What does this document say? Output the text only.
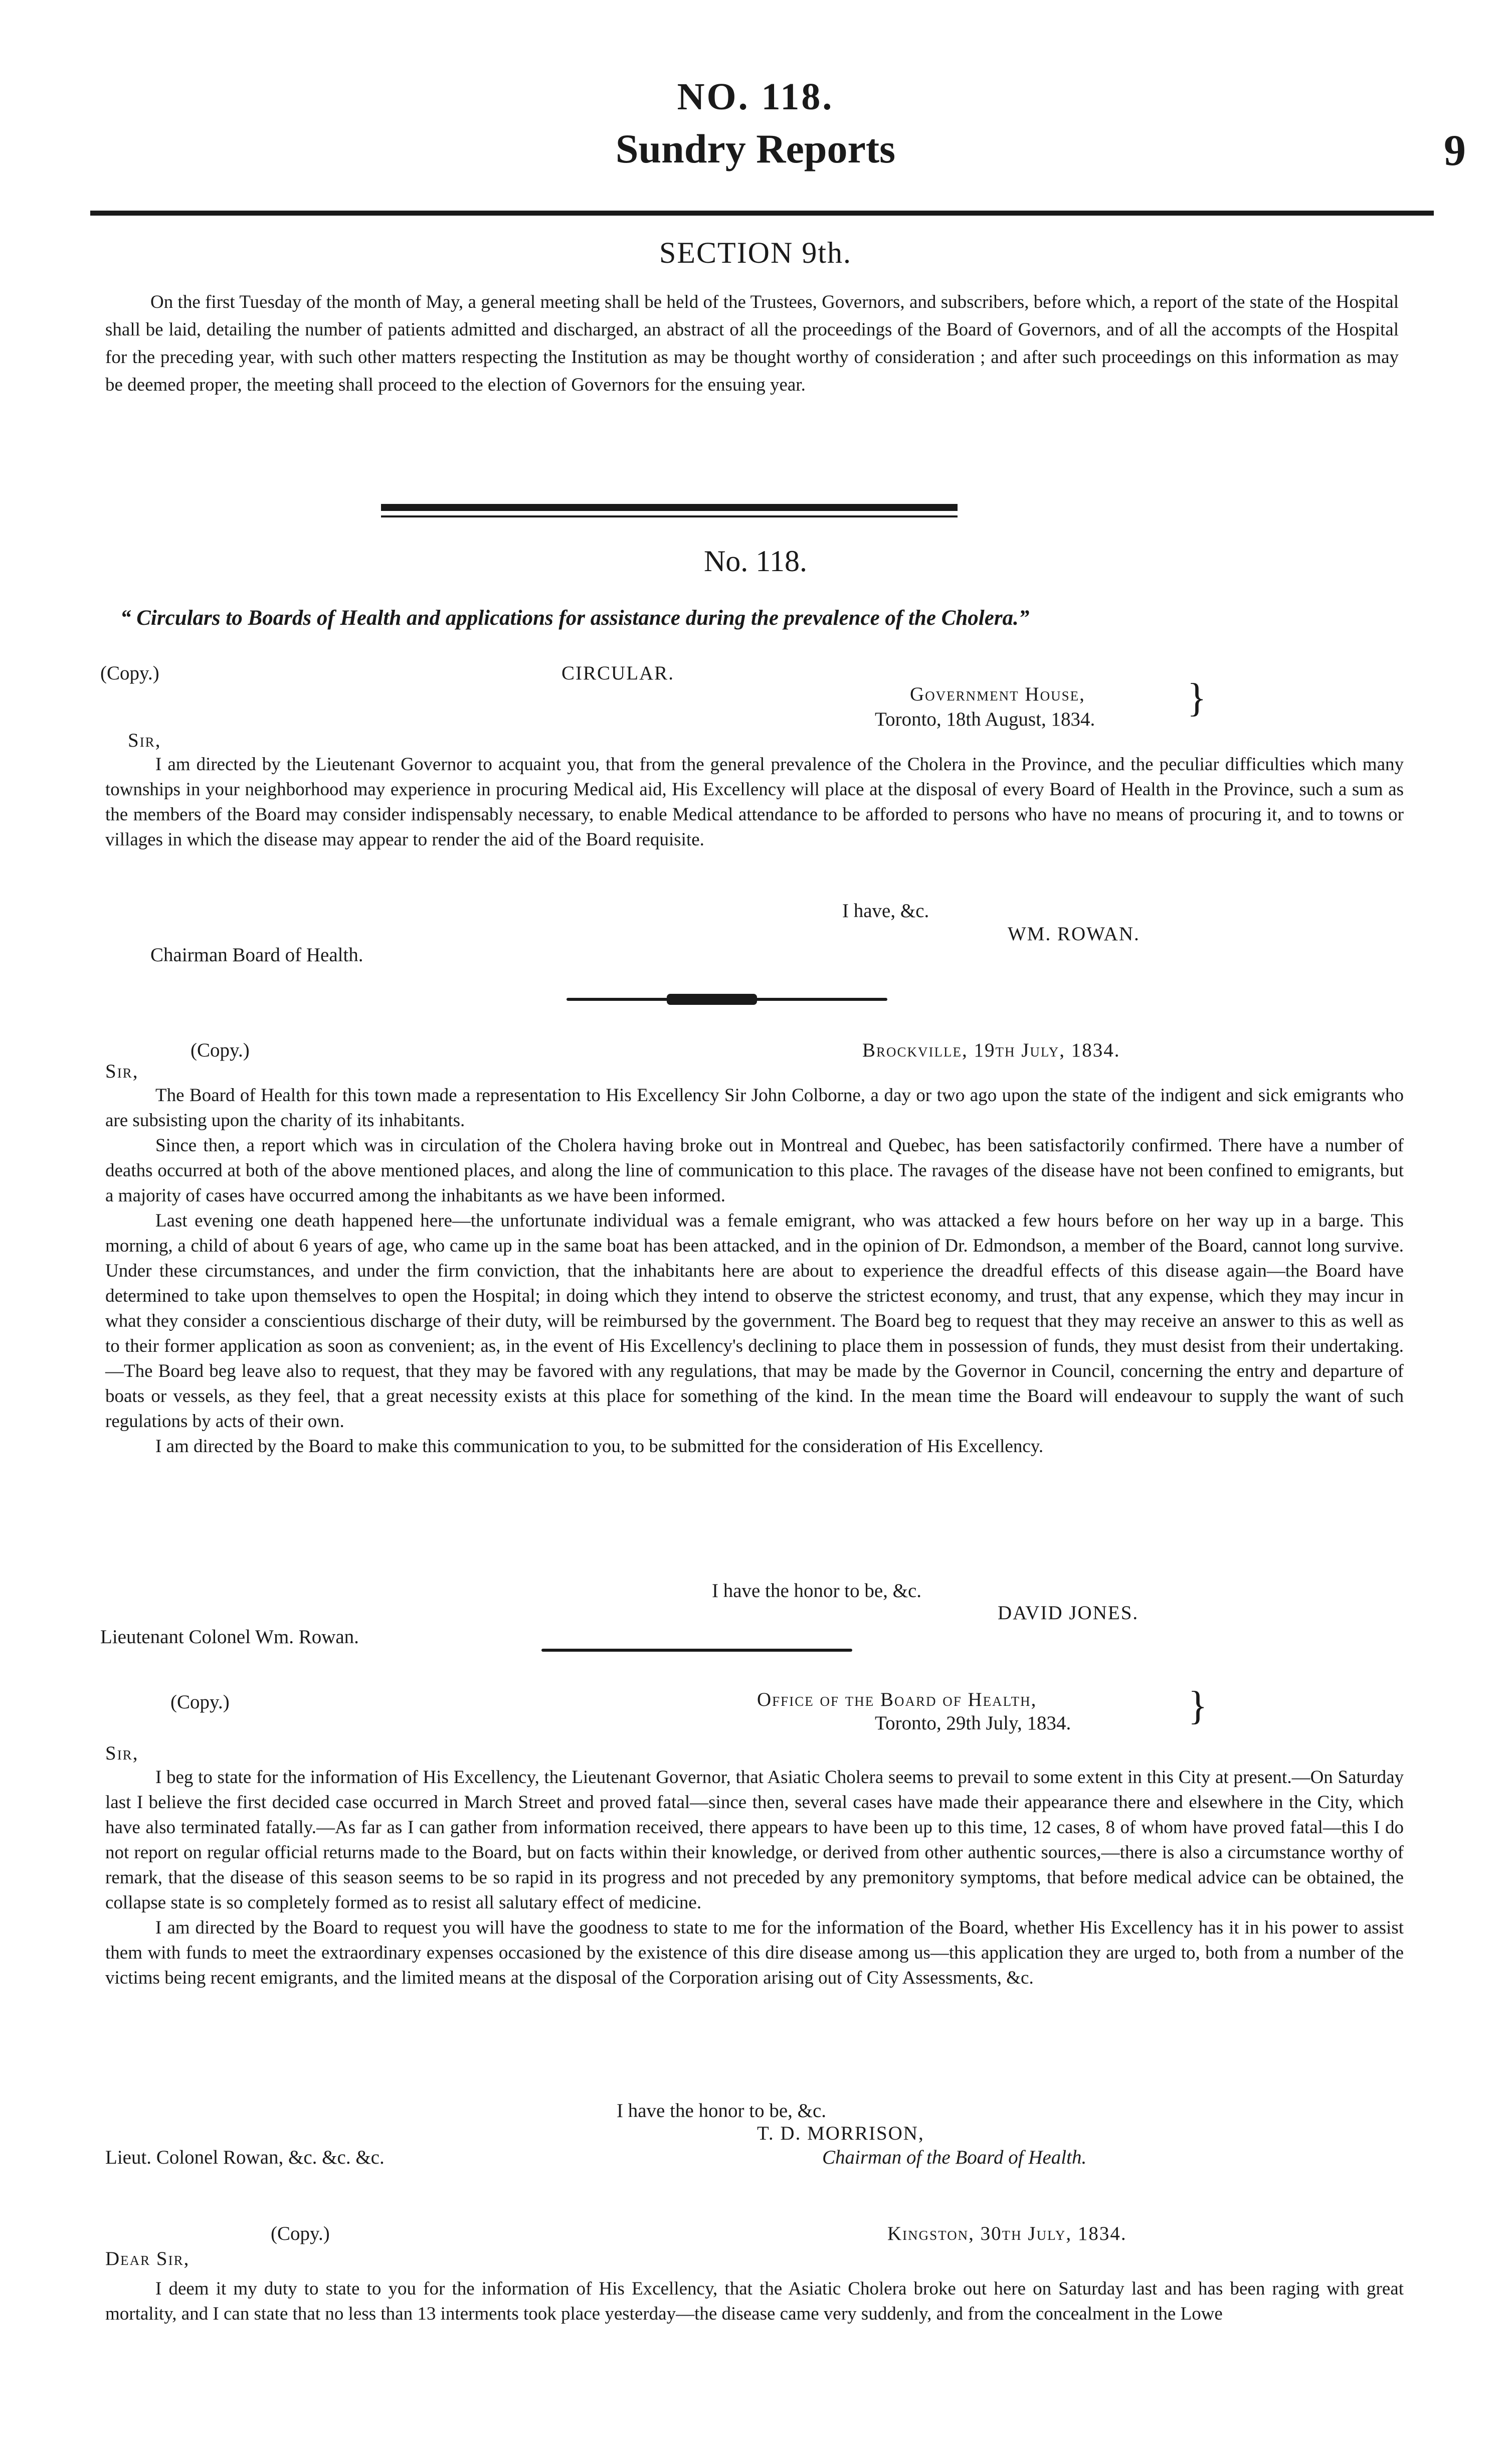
NO. 118.
Sundry Reports	9
SECTION 9th.

On the first Tuesday of the month of May, a general meeting shall be held of the Trustees, Governors, and subscribers, before which, a report of the state of the Hospital shall be laid, detailing the number of patients admitted and discharged, an abstract of all the proceedings of the Board of Governors, and of all the accompts of the Hospital for the preceding year, with such other matters respecting the Institution as may be thought worthy of consideration ; and after such proceedings on this information as may be deemed proper, the meeting shall proceed to the election of Governors for the ensuing year.

No. 118.
“ Circulars to Boards of Health and applications for assistance during the prevalence of the Cholera.”
(Copy.)	CIRCULAR.
Government House,
Toronto, 18th August, 1834. }
Sir,

I am directed by the Lieutenant Governor to acquaint you, that from the general prevalence of the Cholera in the Province, and the peculiar difficulties which many townships in your neighborhood may experience in procuring Medical aid, His Excellency will place at the disposal of every Board of Health in the Province, such a sum as the members of the Board may consider indispensably necessary, to enable Medical attendance to be afforded to persons who have no means of procuring it, and to towns or villages in which the disease may appear to render the aid of the Board requisite.

I have, &c.
WM. ROWAN.
Chairman Board of Health.
(Copy.)	Brockville, 19th July, 1834.
Sir,

The Board of Health for this town made a representation to His Excellency Sir John Colborne, a day or two ago upon the state of the indigent and sick emigrants who are subsisting upon the charity of its inhabitants.

Since then, a report which was in circulation of the Cholera having broke out in Montreal and Quebec, has been satisfactorily confirmed. There have a number of deaths occurred at both of the above mentioned places, and along the line of communication to this place. The ravages of the disease have not been confined to emigrants, but a majority of cases have occurred among the inhabitants as we have been informed.

Last evening one death happened here—the unfortunate individual was a female emigrant, who was attacked a few hours before on her way up in a barge. This morning, a child of about 6 years of age, who came up in the same boat has been attacked, and in the opinion of Dr. Edmondson, a member of the Board, cannot long survive. Under these circumstances, and under the firm conviction, that the inhabitants here are about to experience the dreadful effects of this disease again—the Board have determined to take upon themselves to open the Hospital; in doing which they intend to observe the strictest economy, and trust, that any expense, which they may incur in what they consider a conscientious discharge of their duty, will be reimbursed by the government. The Board beg to request that they may receive an answer to this as well as to their former application as soon as convenient; as, in the event of His Excellency's declining to place them in possession of funds, they must desist from their undertaking.—The Board beg leave also to request, that they may be favored with any regulations, that may be made by the Governor in Council, concerning the entry and departure of boats or vessels, as they feel, that a great necessity exists at this place for something of the kind. In the mean time the Board will endeavour to supply the want of such regulations by acts of their own.

I am directed by the Board to make this communication to you, to be submitted for the consideration of His Excellency.

I have the honor to be, &c.
DAVID JONES.
Lieutenant Colonel Wm. Rowan.
(Copy.)	Office of the Board of Health,
Toronto, 29th July, 1834.	}
Sir,

I beg to state for the information of His Excellency, the Lieutenant Governor, that Asiatic Cholera seems to prevail to some extent in this City at present.—On Saturday last I believe the first decided case occurred in March Street and proved fatal—since then, several cases have made their appearance there and elsewhere in the City, which have also terminated fatally.—As far as I can gather from information received, there appears to have been up to this time, 12 cases, 8 of whom have proved fatal—this I do not report on regular official returns made to the Board, but on facts within their knowledge, or derived from other authentic sources,—there is also a circumstance worthy of remark, that the disease of this season seems to be so rapid in its progress and not preceded by any premonitory symptoms, that before medical advice can be obtained, the collapse state is so completely formed as to resist all salutary effect of medicine.

I am directed by the Board to request you will have the goodness to state to me for the information of the Board, whether His Excellency has it in his power to assist them with funds to meet the extraordinary expenses occasioned by the existence of this dire disease among us—this application they are urged to, both from a number of the victims being recent emigrants, and the limited means at the disposal of the Corporation arising out of City Assessments, &c.

I have the honor to be, &c.
T. D. MORRISON,
Chairman of the Board of Health.
Lieut. Colonel Rowan, &c. &c. &c.
(Copy.)	Kingston, 30th July, 1834.
Dear Sir,

I deem it my duty to state to you for the information of His Excellency, that the Asiatic Cholera broke out here on Saturday last and has been raging with great mortality, and I can state that no less than 13 interments took place yesterday—the disease came very suddenly, and from the concealment in the Lowe
